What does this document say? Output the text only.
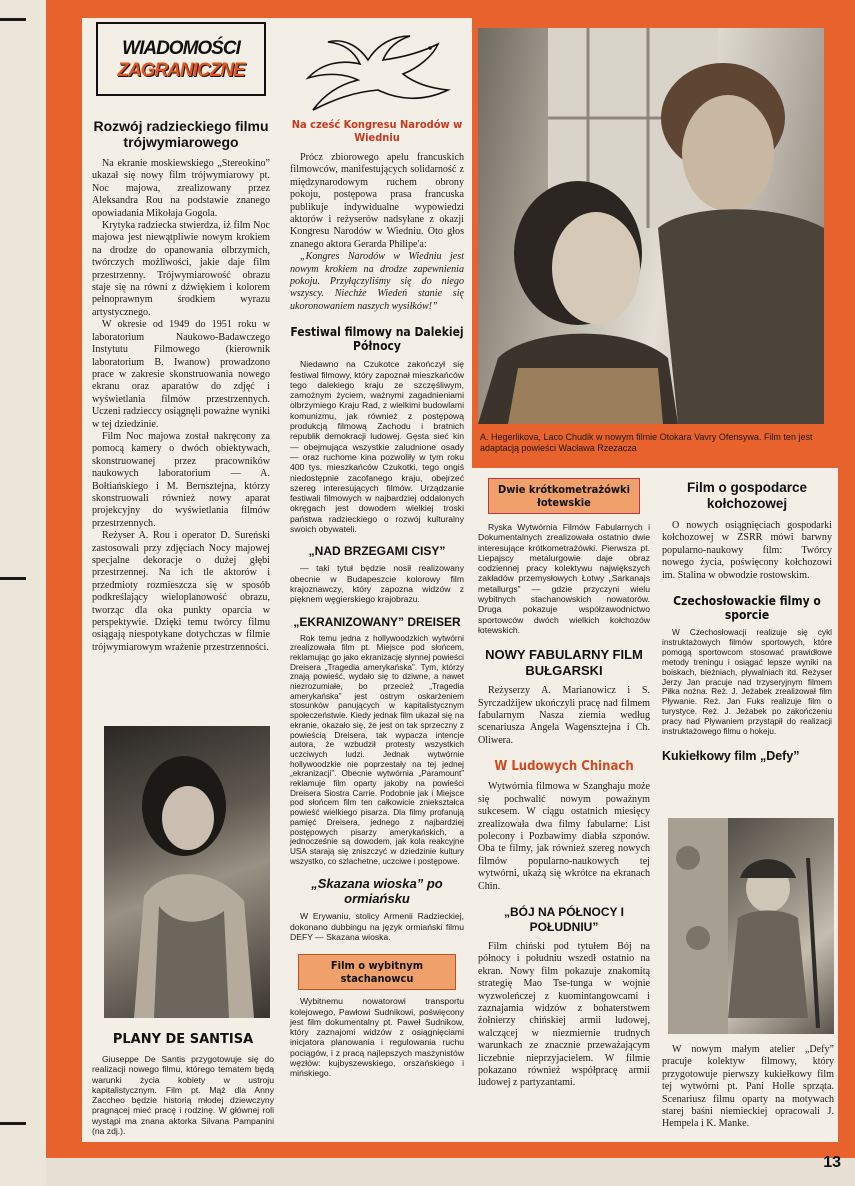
WIADOMOŚCI
ZAGRANICZNE
Rozwój radzieckiego filmu trójwymiarowego

Na ekranie moskiewskiego „Stereokino” ukazał się nowy film trójwymiarowy pt. Noc majowa, zrealizowany przez Aleksandra Rou na podstawie znanego opowiadania Mikołaja Gogola.

Krytyka radziecka stwierdza, iż film Noc majowa jest niewątpliwie nowym krokiem na drodze do opanowania olbrzymich, twórczych możliwości, jakie daje film przestrzenny. Trójwymiarowość obrazu staje się na równi z dźwiękiem i kolorem pełnoprawnym środkiem wyrazu artystycznego.

W okresie od 1949 do 1951 roku w laboratorium Naukowo-Badawczego Instytutu Filmowego (kierownik laboratorium B. Iwanow) prowadzono prace w zakresie skonstruowania nowego ekranu oraz aparatów do zdjęć i wyświetlania filmów przestrzennych. Uczeni radzieccy osiągnęli poważne wyniki w tej dziedzinie.

Film Noc majowa został nakręcony za pomocą kamery o dwóch obiektywach, skonstruowanej przez pracowników naukowych laboratorium — A. Bołtiańskiego i M. Bernsztejna, którzy skonstruowali również nowy aparat projekcyjny do wyświetlania filmów przestrzennych.

Reżyser A. Rou i operator D. Sureński zastosowali przy zdjęciach Nocy majowej specjalne dekoracje o dużej głębi przestrzennej. Na ich tle aktorów i przedmioty rozmieszcza się w sposób podkreślający wieloplanowość obrazu, tworząc dla oka punkty oparcia w perspektywie. Dzięki temu twórcy filmu osiągają niespotykane dotychczas w filmie trójwymiarowym wrażenie przestrzenności.

PLANY DE SANTISA

Giuseppe De Santis przygotowuje się do realizacji nowego filmu, którego tematem będą warunki życia kobiety w ustroju kapitalistycznym. Film pt. Mąż dla Anny Zaccheo będzie historią młodej dziewczyny pragnącej mieć pracę i rodzinę. W głównej roli wystąpi ma znana aktorka Silvana Pampanini (na zdj.).

Na cześć Kongresu Narodów w Wiedniu

Prócz zbiorowego apelu francuskich filmowców, manifestujących solidarność z międzynarodowym ruchem obrony pokoju, postępowa prasa francuska publikuje indywidualne wypowiedzi aktorów i reżyserów nadsyłane z okazji Kongresu Narodów w Wiedniu. Oto głos znanego aktora Gerarda Philipe'a:

„Kongres Narodów w Wiedniu jest nowym krokiem na drodze zapewnienia pokoju. Przyłączyliśmy się do niego wszyscy. Niechże Wiedeń stanie się ukoronowaniem naszych wysiłków!”

Festiwal filmowy na Dalekiej Północy

Niedawno na Czukotce zakończył się festiwal filmowy, który zapoznał mieszkańców tego dalekiego kraju ze szczęśliwym, zamożnym życiem, ważnymi zagadnieniami olbrzymiego Kraju Rad, z wielkimi budowlami komunizmu, jak również z postępową produkcją filmową Zachodu i bratnich republik demokracji ludowej. Gęsta sieć kin — obejmująca wszystkie zaludnione osady — oraz ruchome kina pozwoliły w tym roku 400 tys. mieszkańców Czukotki, tego ongiś niedostępnie zacofanego kraju, obejrzeć szereg interesujących filmów. Urządzanie festiwali filmowych w najbardziej oddalonych okręgach jest dowodem wielkiej troski państwa radzieckiego o rozwój kulturalny swoich obywateli.

„NAD BRZEGAMI CISY”

— taki tytuł będzie nosił realizowany obecnie w Budapeszcie kolorowy film krajoznawczy, który zapozna widzów z pięknem węgierskiego krajobrazu.

„EKRANIZOWANY” DREISER

Rok temu jedna z hollywoodzkich wytwórni zrealizowała film pt. Miejsce pod słońcem, reklamując go jako ekranizację słynnej powieści Dreisera „Tragedia amerykańska”. Tym, którzy znają powieść, wydało się to dziwne, a nawet niezrozumiałe, bo przecież „Tragedia amerykańska” jest ostrym oskarżeniem stosunków panujących w kapitalistycznym społeczeństwie. Kiedy jednak film ukazał się na ekranie, okazało się, że jest on tak sprzeczny z powieścią Dreisera, tak wypacza intencje autora, że wzbudził protesty wszystkich uczciwych ludzi. Jednak wytwórnie hollywoodzkie nie poprzestały na tej jednej „ekranizacji”. Obecnie wytwórnia „Paramount” reklamuje film oparty jakoby na powieści Dreisera Siostra Carrie. Podobnie jak i Miejsce pod słońcem film ten całkowicie zniekształca powieść wielkiego pisarza. Dla filmy profanują pamięć Dreisera, jednego z najbardziej postępowych pisarzy amerykańskich, a jednocześnie są dowodem, jak kola reakcyjne USA starają się zniszczyć w dziedzinie kultury wszystko, co szlachetne, uczciwe i postępowe.

„Skazana wioska” po ormiańsku

W Erywaniu, stolicy Armenii Radzieckiej, dokonano dubbingu na język ormiański filmu DEFY — Skazana wioska.

Film o wybitnym stachanowcu

Wybitnemu nowatorowi transportu kolejowego, Pawłowi Sudnikowi, poświęcony jest film dokumentalny pt. Paweł Sudnikow, który zaznajomi widzów z osiągnięciami inicjatora planowania i regulowania ruchu pociągów, i z pracą najlepszych maszynistów węzłów: kujbyszewskiego, orszańskiego i mińskiego.

A. Hegerlikova, Laco Chudik w nowym filmie Otokara Vavry Ofensywa. Film ten jest adaptacją powieści Wacława Rzezacza
Dwie krótkometrażówki łotewskie

Ryska Wytwórnia Filmów Fabularnych i Dokumentalnych zrealizowała ostatnio dwie interesujące krótkometrażówki. Pierwsza pt. Liepajscy metalurgowie daje obraz codziennej pracy kolektywu największych zakładów przemysłowych Łotwy „Sarkanajs metallurgs” — gdzie przyczyni wielu wybitnych stachanowskich nowatorów. Druga pokazuje współzawodnictwo sportowców dwóch wielkich kołchozów łotewskich.

NOWY FABULARNY FILM BUŁGARSKI

Reżyserzy A. Marianowicz i S. Syrczadżijew ukończyli pracę nad filmem fabularnym Nasza ziemia według scenariusza Angela Wagensztejna i Ch. Oliwera.

W Ludowych Chinach

Wytwórnia filmowa w Szanghaju może się pochwalić nowym poważnym sukcesem. W ciągu ostatnich miesięcy zrealizowała dwa filmy fabularne: List polecony i Pozbawimy diabła szponów. Oba te filmy, jak również szereg nowych filmów popularno-naukowych tej wytwórni, ukażą się wkrótce na ekranach Chin.

„BÓJ NA PÓŁNOCY I POŁUDNIU”

Film chiński pod tytułem Bój na północy i południu wszedł ostatnio na ekran. Nowy film pokazuje znakomitą strategię Mao Tse-tunga w wojnie wyzwoleńczej z kuomintangowcami i zaznajamia widzów z bohaterstwem żołnierzy chińskiej armii ludowej, walczącej w niezmiernie trudnych warunkach ze znacznie przeważającym liczebnie nieprzyjacielem. W filmie pokazano również współpracę armii ludowej z partyzantami.

Film o gospodarce kołchozowej

O nowych osiągnięciach gospodarki kołchozowej w ZSRR mówi barwny popularno-naukowy film: Twórcy nowego życia, poświęcony kołchozowi im. Stalina w obwodzie rostowskim.

Czechosłowackie filmy o sporcie

W Czechosłowacji realizuje się cykl instruktażowych filmów sportowych, które pomogą sportowcom stosować prawidłowe metody treningu i osiągać lepsze wyniki na boiskach, bieżniach, pływalniach itd. Reżyser Jerzy Jan pracuje nad trzyseryjnym filmem Piłka nożna. Reż. J. Jeżabek zrealizował film Pływanie. Reż. Jan Fuks realizuje film o turystyce. Reż. J. Jeżabek po zakończeniu pracy nad Pływaniem przystąpił do realizacji instruktażowego filmu o hokeju.

Kukiełkowy film „Defy”

W nowym małym atelier „Defy” pracuje kolektyw filmowy, który przygotowuje pierwszy kukiełkowy film tej wytwórni pt. Pani Holle sprząta. Scenariusz filmu oparty na motywach starej baśni niemieckiej opracowali J. Hempela i K. Manke.

13
